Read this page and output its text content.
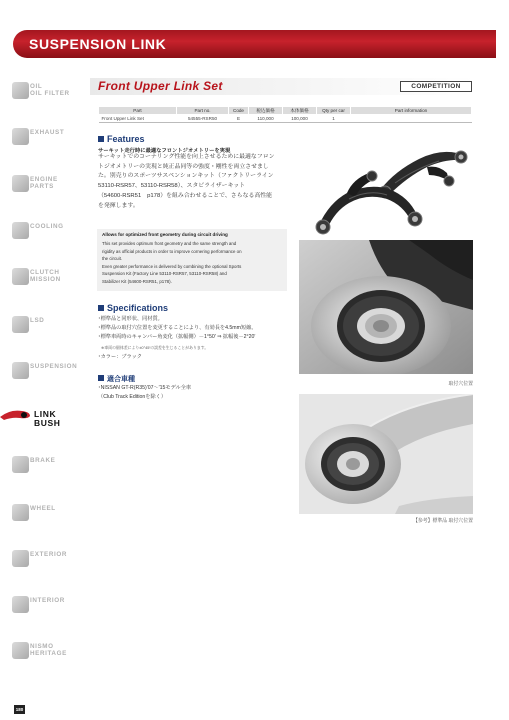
SUSPENSION LINK
OIL
OIL FILTER
EXHAUST
ENGINE
PARTS
COOLING
CLUTCH
MISSION
LSD
SUSPENSION
LINK
BUSH
BRAKE
WHEEL
EXTERIOR
INTERIOR
NISMO
HERITAGE
Front Upper Link Set	COMPETITION
Part	Part no.	Code	税込価格	本体価格	Qty per car	Part information
Front Upper Link Set	54555-RSR50	E	110,000	100,000	1	
Features
サーキット走行時に最適なフロントジオメトリーを実現
サーキットでのコーナリング性能を向上させるために最適なフロン
トジオメトリーの実現と純正品同等の強度・剛性を両立させまし
た。別売りのスポーツサスペンションキット（ファクトリーライン
53110-RSR57、53110-RSR58）、スタビライザーキット
（54600-RSR51　p178）を組み合わせることで、さらなる高性能
を発揮します。
Allows for optimized front geometry during circuit driving
This set provides optimum front geometry and the same strength and
rigidity as official products in order to improve cornering performance on
the circuit.
Even greater performance is delivered by combining the optional Sports
Suspension Kit (Factory Line 53110-RSR57, 53110-RSR58) and
Stabilizer Kit (54600-RSR51, p178).
Specifications
･標準品と同形状、同材質。
･標準品の取付穴位置を変更することにより、有効長を4.5mm短縮。
･標準車両時のキャンバー角変化（拡幅側）－1°50′ ⇒ 拡幅後－2°20′
※車両の個体差により±0°45′の誤差を生じることがあります。
･カラー：ブラック
適合車種
･NISSAN GT-R(R35)'07～'15モデル全車
（Club Track Editionを除く）
取付穴位置
【参考】標準品 取付穴位置
180
